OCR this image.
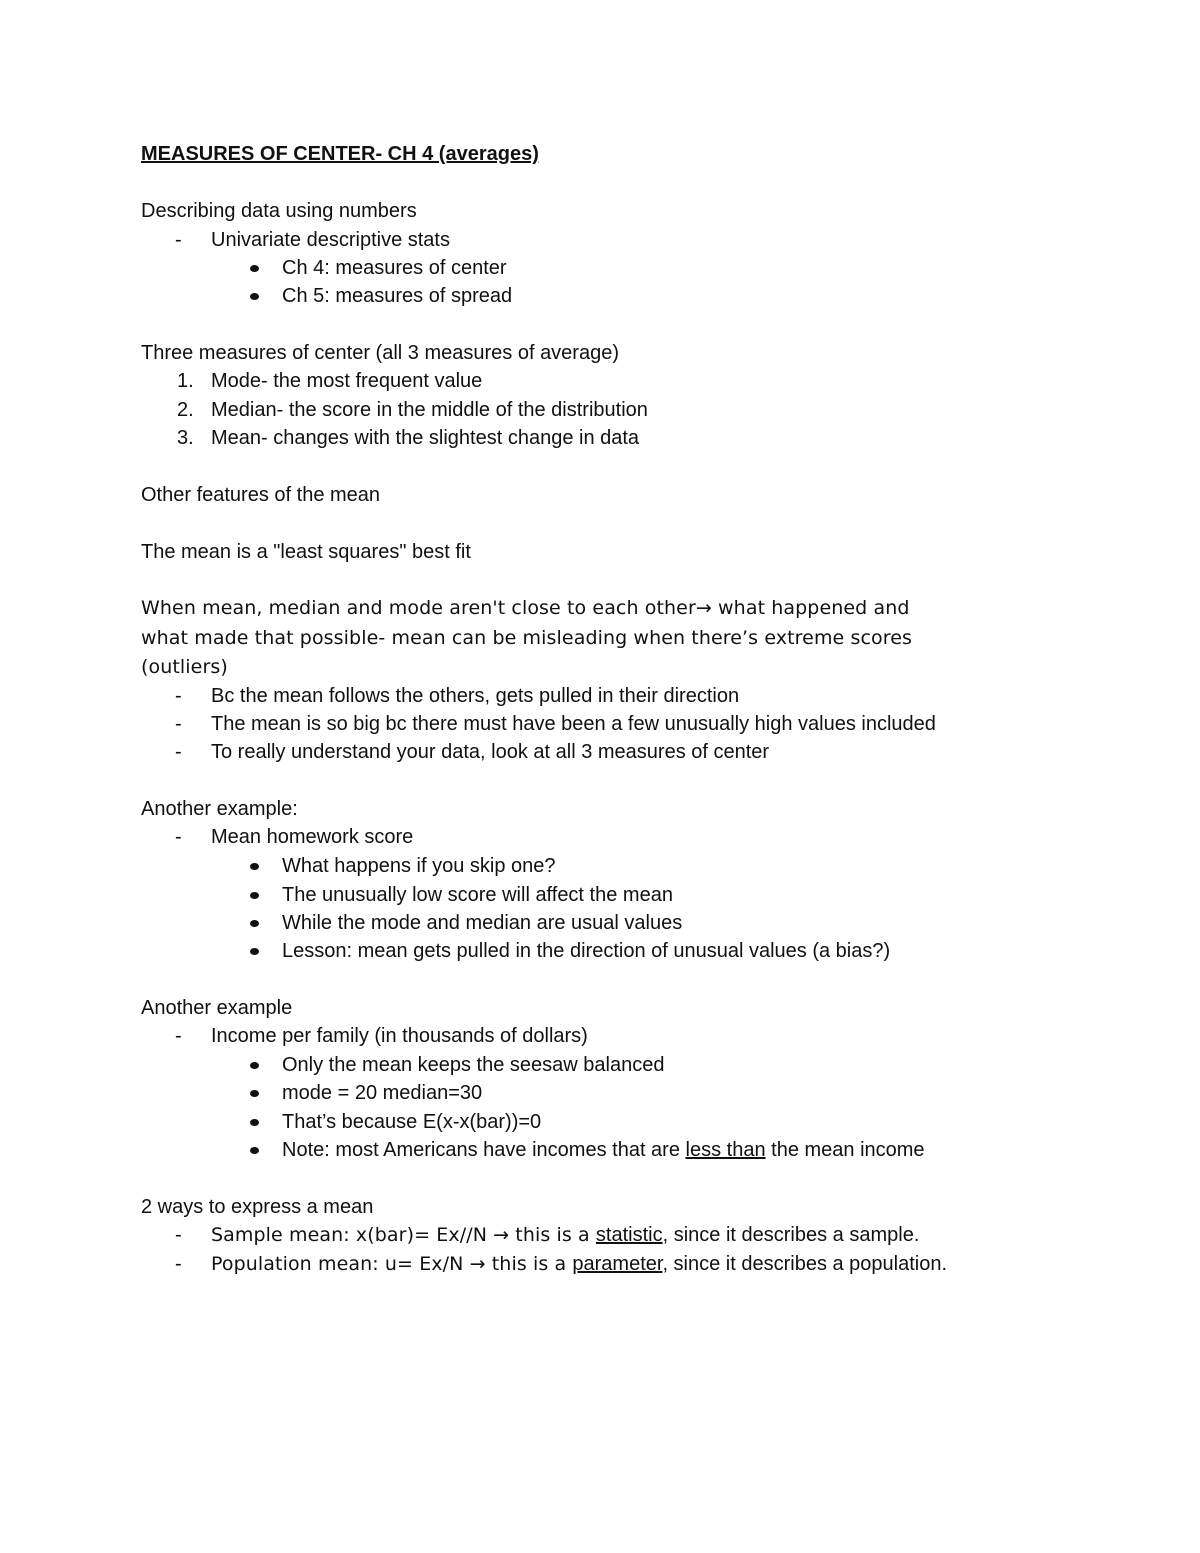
MEASURES OF CENTER- CH 4 (averages)
Describing data using numbers
- Univariate descriptive stats
Ch 4: measures of center
Ch 5: measures of spread
Three measures of center (all 3 measures of average)
1. Mode- the most frequent value
2. Median- the score in the middle of the distribution
3. Mean- changes with the slightest change in data
Other features of the mean
The mean is a "least squares" best fit
When mean, median and mode aren't close to each other→ what happened and
what made that possible- mean can be misleading when there’s extreme scores
(outliers)
- Bc the mean follows the others, gets pulled in their direction
- The mean is so big bc there must have been a few unusually high values included
- To really understand your data, look at all 3 measures of center
Another example:
- Mean homework score
What happens if you skip one?
The unusually low score will affect the mean
While the mode and median are usual values
Lesson: mean gets pulled in the direction of unusual values (a bias?)
Another example
- Income per family (in thousands of dollars)
Only the mean keeps the seesaw balanced
mode = 20 median=30
That’s because E(x-x(bar))=0
Note: most Americans have incomes that are less than the mean income
2 ways to express a mean
- Sample mean: x(bar)= Ex//N → this is a statistic, since it describes a sample.
- Population mean: u= Ex/N → this is a parameter, since it describes a population.
